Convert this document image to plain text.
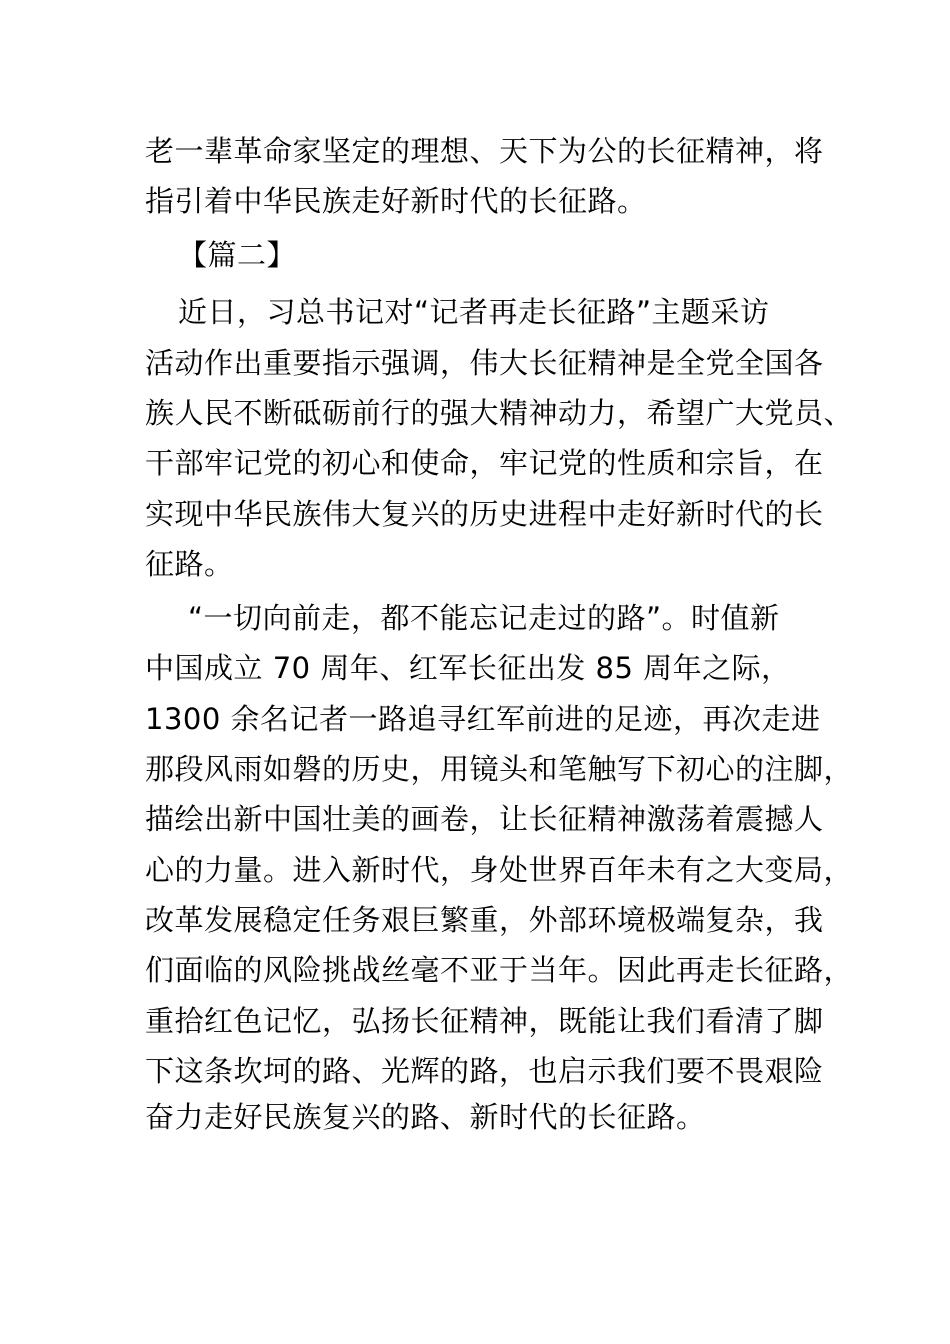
老一辈革命家坚定的理想、天下为公的长征精神，将
指引着中华民族走好新时代的长征路。
【篇二】
近日，习总书记对“记者再走长征路”主题采访
活动作出重要指示强调，伟大长征精神是全党全国各
族人民不断砥砺前行的强大精神动力，希望广大党员、
干部牢记党的初心和使命，牢记党的性质和宗旨，在
实现中华民族伟大复兴的历史进程中走好新时代的长
征路。
“一切向前走，都不能忘记走过的路”。时值新
中国成立 70 周年、红军长征出发 85 周年之际，
1300 余名记者一路追寻红军前进的足迹，再次走进
那段风雨如磐的历史，用镜头和笔触写下初心的注脚，
描绘出新中国壮美的画卷，让长征精神激荡着震撼人
心的力量。进入新时代，身处世界百年未有之大变局，
改革发展稳定任务艰巨繁重，外部环境极端复杂，我
们面临的风险挑战丝毫不亚于当年。因此再走长征路，
重拾红色记忆，弘扬长征精神，既能让我们看清了脚
下这条坎坷的路、光辉的路，也启示我们要不畏艰险
奋力走好民族复兴的路、新时代的长征路。
